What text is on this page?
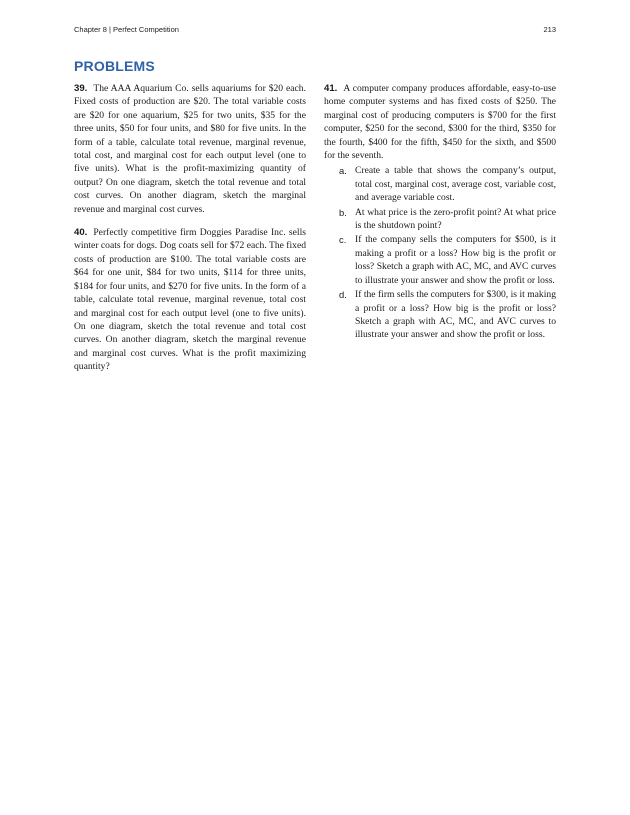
Chapter 8 | Perfect Competition	213
PROBLEMS

39. The AAA Aquarium Co. sells aquariums for $20 each. Fixed costs of production are $20. The total variable costs are $20 for one aquarium, $25 for two units, $35 for the three units, $50 for four units, and $80 for five units. In the form of a table, calculate total revenue, marginal revenue, total cost, and marginal cost for each output level (one to five units). What is the profit-maximizing quantity of output? On one diagram, sketch the total revenue and total cost curves. On another diagram, sketch the marginal revenue and marginal cost curves.

40. Perfectly competitive firm Doggies Paradise Inc. sells winter coats for dogs. Dog coats sell for $72 each. The fixed costs of production are $100. The total variable costs are $64 for one unit, $84 for two units, $114 for three units, $184 for four units, and $270 for five units. In the form of a table, calculate total revenue, marginal revenue, total cost and marginal cost for each output level (one to five units). On one diagram, sketch the total revenue and total cost curves. On another diagram, sketch the marginal revenue and marginal cost curves. What is the profit maximizing quantity?

41. A computer company produces affordable, easy-to-use home computer systems and has fixed costs of $250. The marginal cost of producing computers is $700 for the first computer, $250 for the second, $300 for the third, $350 for the fourth, $400 for the fifth, $450 for the sixth, and $500 for the seventh.

a. Create a table that shows the company’s output, total cost, marginal cost, average cost, variable cost, and average variable cost.
b. At what price is the zero-profit point? At what price is the shutdown point?
c. If the company sells the computers for $500, is it making a profit or a loss? How big is the profit or loss? Sketch a graph with AC, MC, and AVC curves to illustrate your answer and show the profit or loss.
d. If the firm sells the computers for $300, is it making a profit or a loss? How big is the profit or loss? Sketch a graph with AC, MC, and AVC curves to illustrate your answer and show the profit or loss.
